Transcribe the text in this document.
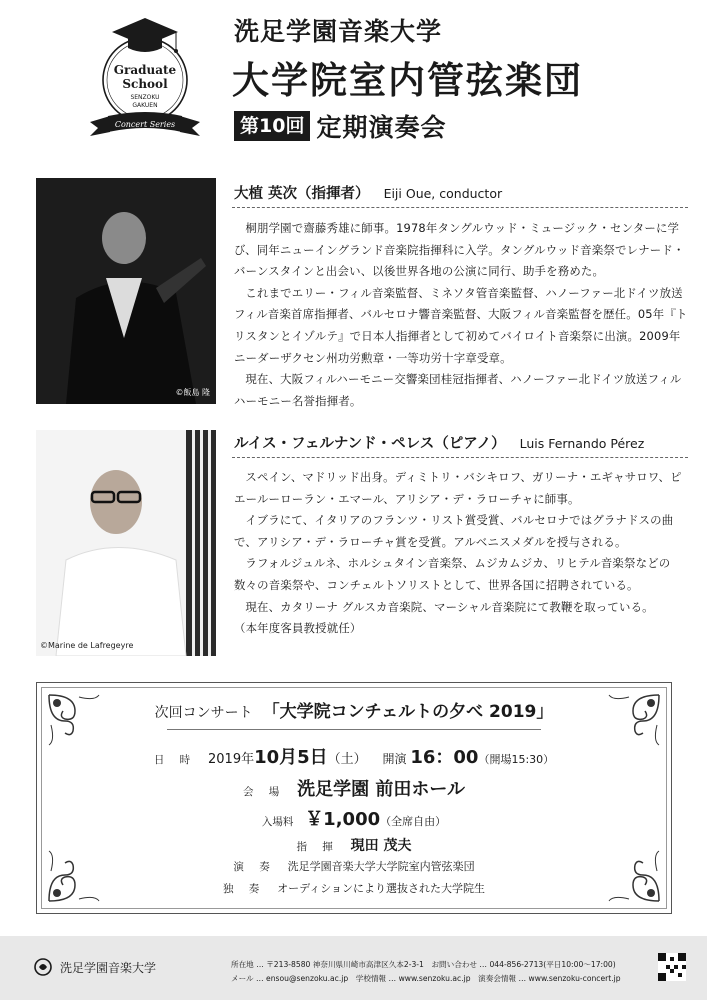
Graduate
School
SENZOKU
GAKUEN
Concert Series
洗足学園音楽大学
大学院室内管弦楽団
第10回 定期演奏会
©飯島 隆
大植 英次（指揮者） Eiji Oue, conductor

桐朋学園で齋藤秀雄に師事。1978年タングルウッド・ミュージック・センターに学び、同年ニューイングランド音楽院指揮科に入学。タングルウッド音楽祭でレナード・バーンスタインと出会い、以後世界各地の公演に同行、助手を務めた。

これまでエリー・フィル音楽監督、ミネソタ管音楽監督、ハノーファー北ドイツ放送フィル音楽首席指揮者、バルセロナ響音楽監督、大阪フィル音楽監督を歴任。05年『トリスタンとイゾルテ』で日本人指揮者として初めてバイロイト音楽祭に出演。2009年ニーダーザクセン州功労勲章・一等功労十字章受章。

現在、大阪フィルハーモニー交響楽団桂冠指揮者、ハノーファー北ドイツ放送フィルハーモニー名誉指揮者。

©Marine de Lafregeyre
ルイス・フェルナンド・ペレス（ピアノ） Luis Fernando Pérez

スペイン、マドリッド出身。ディミトリ・バシキロフ、ガリーナ・エギャサロワ、ピエールーローラン・エマール、アリシア・デ・ラローチャに師事。

イブラにて、イタリアのフランツ・リスト賞受賞、バルセロナではグラナドスの曲で、アリシア・デ・ラローチャ賞を受賞。アルベニスメダルを授与される。

ラフォルジュルネ、ホルシュタイン音楽祭、ムジカムジカ、リヒテル音楽祭などの数々の音楽祭や、コンチェルトソリストとして、世界各国に招聘されている。

現在、カタリーナ グルスカ音楽院、マーシャル音楽院にて教鞭を取っている。

（本年度客員教授就任）
次回コンサート 「大学院コンチェルトの夕べ 2019」
日 時 2019年10月5日（土） 開演 16：00（開場15:30）
会 場 洗足学園 前田ホール
入場料 ￥1,000（全席自由）
指 揮 現田 茂夫
演 奏 洗足学園音楽大学大学院室内管弦楽団
独 奏 オーディションにより選抜された大学院生
洗足学園音楽大学	所在地 … 〒213-8580 神奈川県川崎市高津区久本2-3-1　お問い合わせ … 044-856-2713(平日10:00〜17:00)
メール … ensou@senzoku.ac.jp　学校情報 … www.senzoku.ac.jp　演奏会情報 … www.senzoku-concert.jp
